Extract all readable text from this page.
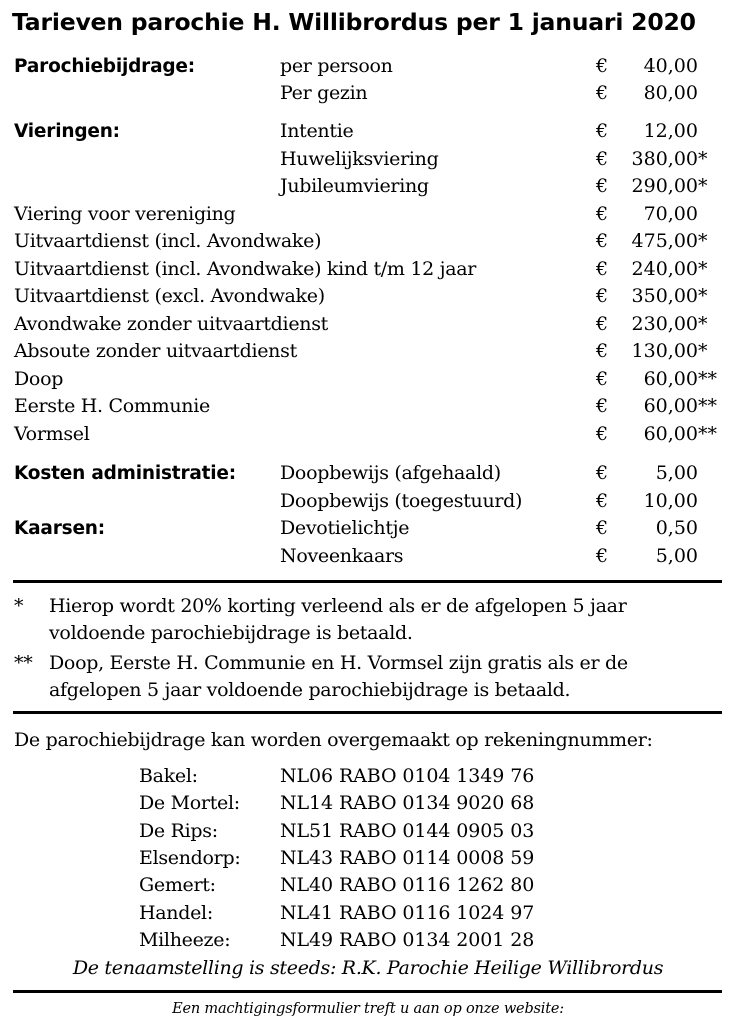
Tarieven parochie H. Willibrordus per 1 januari 2020
Parochiebijdrage:	per persoon	€	40,00
Per gezin	€	80,00
Vieringen:	Intentie	€	12,00
Huwelijksviering	€	380,00 *
Jubileumviering	€	290,00 *
Viering voor vereniging	€	70,00
Uitvaartdienst (incl. Avondwake)	€	475,00 *
Uitvaartdienst (incl. Avondwake) kind t/m 12 jaar	€	240,00 *
Uitvaartdienst (excl. Avondwake)	€	350,00 *
Avondwake zonder uitvaartdienst	€	230,00 *
Absoute zonder uitvaartdienst	€	130,00 *
Doop	€	60,00 **
Eerste H. Communie	€	60,00 **
Vormsel	€	60,00 **
Kosten administratie: Doopbewijs (afgehaald)	€	5,00
Doopbewijs (toegestuurd)	€	10,00
Kaarsen:	Devotielichtje	€	0,50
Noveenkaars	€	5,00
* Hierop wordt 20% korting verleend als er de afgelopen 5 jaar
voldoende parochiebijdrage is betaald.
** Doop, Eerste H. Communie en H. Vormsel zijn gratis als er de
afgelopen 5 jaar voldoende parochiebijdrage is betaald.
De parochiebijdrage kan worden overgemaakt op rekeningnummer:
Bakel:	NL06 RABO 0104 1349 76
De Mortel: NL14 RABO 0134 9020 68
De Rips:	NL51 RABO 0144 0905 03
Elsendorp: NL43 RABO 0114 0008 59
Gemert:	NL40 RABO 0116 1262 80
Handel:	NL41 RABO 0116 1024 97
Milheeze:	NL49 RABO 0134 2001 28
De tenaamstelling is steeds: R.K. Parochie Heilige Willibrordus
Een machtigingsformulier treft u aan op onze website:
